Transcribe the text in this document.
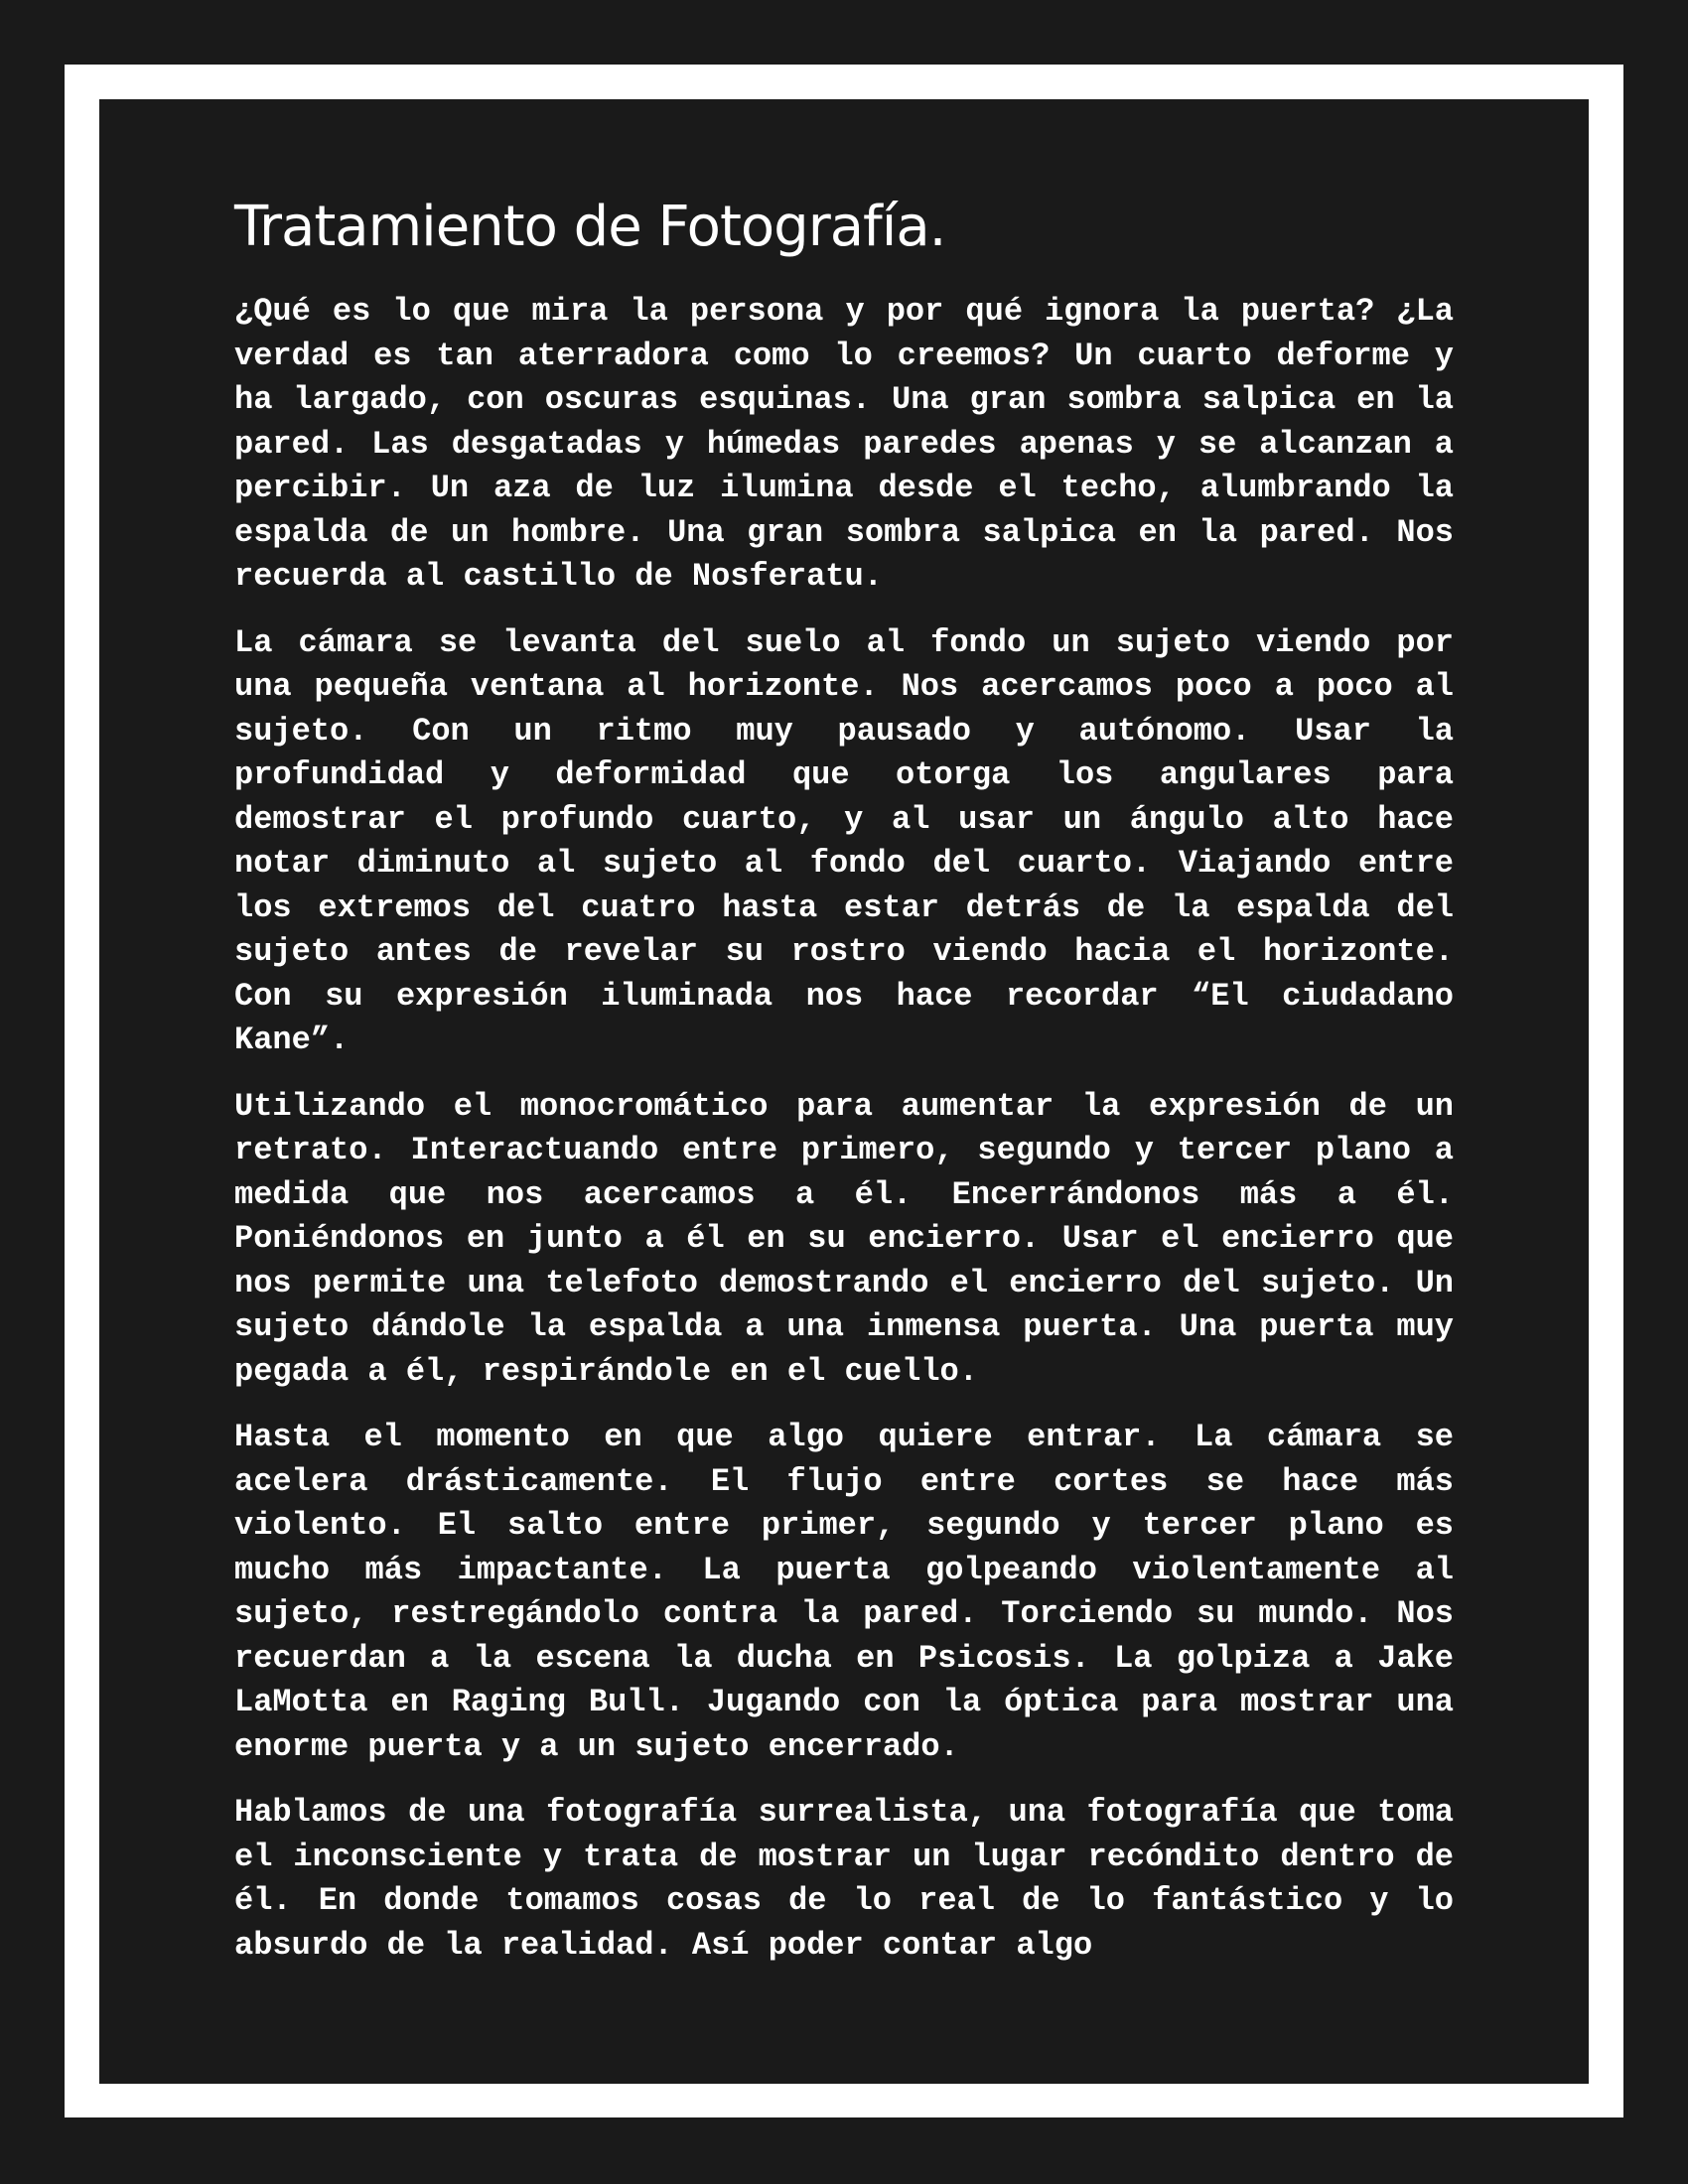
Tratamiento de Fotografía.

¿Qué es lo que mira la persona y por qué ignora la puerta? ¿La verdad es tan aterradora como lo creemos? Un cuarto deforme y ha largado, con oscuras esquinas. Una gran sombra salpica en la pared. Las desgatadas y húmedas paredes apenas y se alcanzan a percibir. Un aza de luz ilumina desde el techo, alumbrando la espalda de un hombre. Una gran sombra salpica en la pared. Nos recuerda al castillo de Nosferatu.

La cámara se levanta del suelo al fondo un sujeto viendo por una pequeña ventana al horizonte. Nos acercamos poco a poco al sujeto. Con un ritmo muy pausado y autónomo. Usar la profundidad y deformidad que otorga los angulares para demostrar el profundo cuarto, y al usar un ángulo alto hace notar diminuto al sujeto al fondo del cuarto. Viajando entre los extremos del cuatro hasta estar detrás de la espalda del sujeto antes de revelar su rostro viendo hacia el horizonte. Con su expresión iluminada nos hace recordar “El ciudadano Kane”.

Utilizando el monocromático para aumentar la expresión de un retrato. Interactuando entre primero, segundo y tercer plano a medida que nos acercamos a él. Encerrándonos más a él. Poniéndonos en junto a él en su encierro. Usar el encierro que nos permite una telefoto demostrando el encierro del sujeto. Un sujeto dándole la espalda a una inmensa puerta. Una puerta muy pegada a él, respirándole en el cuello.

Hasta el momento en que algo quiere entrar. La cámara se acelera drásticamente. El flujo entre cortes se hace más violento. El salto entre primer, segundo y tercer plano es mucho más impactante. La puerta golpeando violentamente al sujeto, restregándolo contra la pared. Torciendo su mundo. Nos recuerdan a la escena la ducha en Psicosis. La golpiza a Jake LaMotta en Raging Bull. Jugando con la óptica para mostrar una enorme puerta y a un sujeto encerrado.

Hablamos de una fotografía surrealista, una fotografía que toma el inconsciente y trata de mostrar un lugar recóndito dentro de él. En donde tomamos cosas de lo real de lo fantástico y lo absurdo de la realidad. Así poder contar algo
